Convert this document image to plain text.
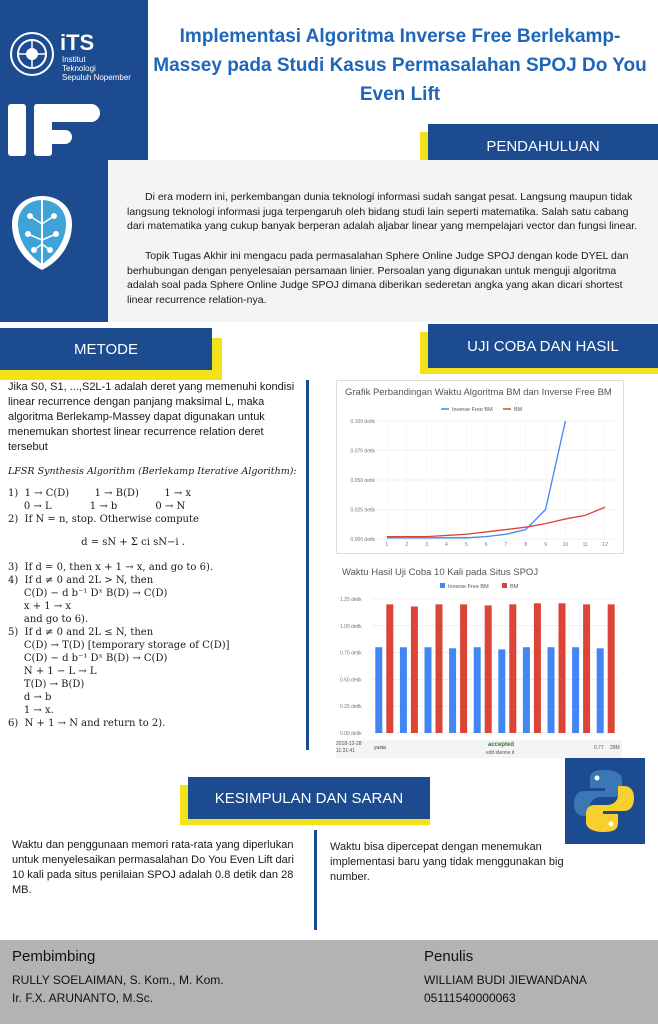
iTS
Institut
Teknologi
Sepuluh Nopember
IF
Implementasi Algoritma Inverse Free Berlekamp-Massey pada Studi Kasus Permasalahan SPOJ Do You Even Lift
PENDAHULUAN
Di era modern ini, perkembangan dunia teknologi informasi sudah sangat pesat. Langsung maupun tidak langsung teknologi informasi juga terpengaruh oleh bidang studi lain seperti matematika. Salah satu cabang dari matematika yang cukup banyak berperan adalah aljabar linear yang mempelajari vector dan fungsi linear.
Topik Tugas Akhir ini mengacu pada permasalahan Sphere Online Judge SPOJ dengan kode DYEL dan berhubungan dengan penyelesaian persamaan linier. Persoalan yang digunakan untuk menguji algoritma adalah soal pada Sphere Online Judge SPOJ dimana diberikan sederetan angka yang akan dicari shortest linear recurrence relation-nya.
METODE
Jika S0, S1, ...,S2L-1 adalah deret yang memenuhi kondisi linear recurrence dengan panjang maksimal L, maka algoritma Berlekamp-Massey dapat digunakan untuk menemukan shortest linear recurrence relation deret tersebut
LFSR Synthesis Algorithm (Berlekamp Iterative Algorithm):
1)  1 → C(D)        1 → B(D)        1 → x
0 → L            1 → b            0 → N
2)  If N = n, stop. Otherwise compute
d = sN + Σ ci sN−i .
3)  If d = 0, then x + 1 → x, and go to 6).
4)  If d ≠ 0 and 2L > N, then
C(D) − d b⁻¹ Dˣ B(D) → C(D)
x + 1 → x
and go to 6).
5)  If d ≠ 0 and 2L ≤ N, then
C(D) → T(D) [temporary storage of C(D)]
C(D) − d b⁻¹ Dˣ B(D) → C(D)
N + 1 − L → L
T(D) → B(D)
d → b
1 → x.
6)  N + 1 → N and return to 2).
UJI COBA DAN HASIL
Grafik Perbandingan Waktu Algoritma BM dan Inverse Free BM
Inverse Free BM	BM
0.000 detik
0.025 detik
0.050 detik
0.075 detik
0.100 detik
1	2	3	4	5	6	7	8	9	10	11	12
Waktu Hasil Uji Coba 10 Kali pada Situs SPOJ
Inverse Free BM	BM
0.00 detik
0.25 detik
0.50 detik
0.75 detik
1.00 detik
1.25 detik
2018-12-28
11:31:41	yusta	accepted
edit ideone it
0.77 28M
KESIMPULAN DAN SARAN
Waktu dan penggunaan memori rata-rata yang diperlukan untuk menyelesaikan permasalahan Do You Even Lift dari 10 kali pada situs penilaian SPOJ adalah 0.8 detik dan 28 MB.
Waktu bisa dipercepat dengan menemukan implementasi baru yang tidak menggunakan big number.
Pembimbing
RULLY SOELAIMAN, S. Kom., M. Kom.
Ir. F.X. ARUNANTO, M.Sc.
Penulis
WILLIAM BUDI JIEWANDANA
05111540000063
